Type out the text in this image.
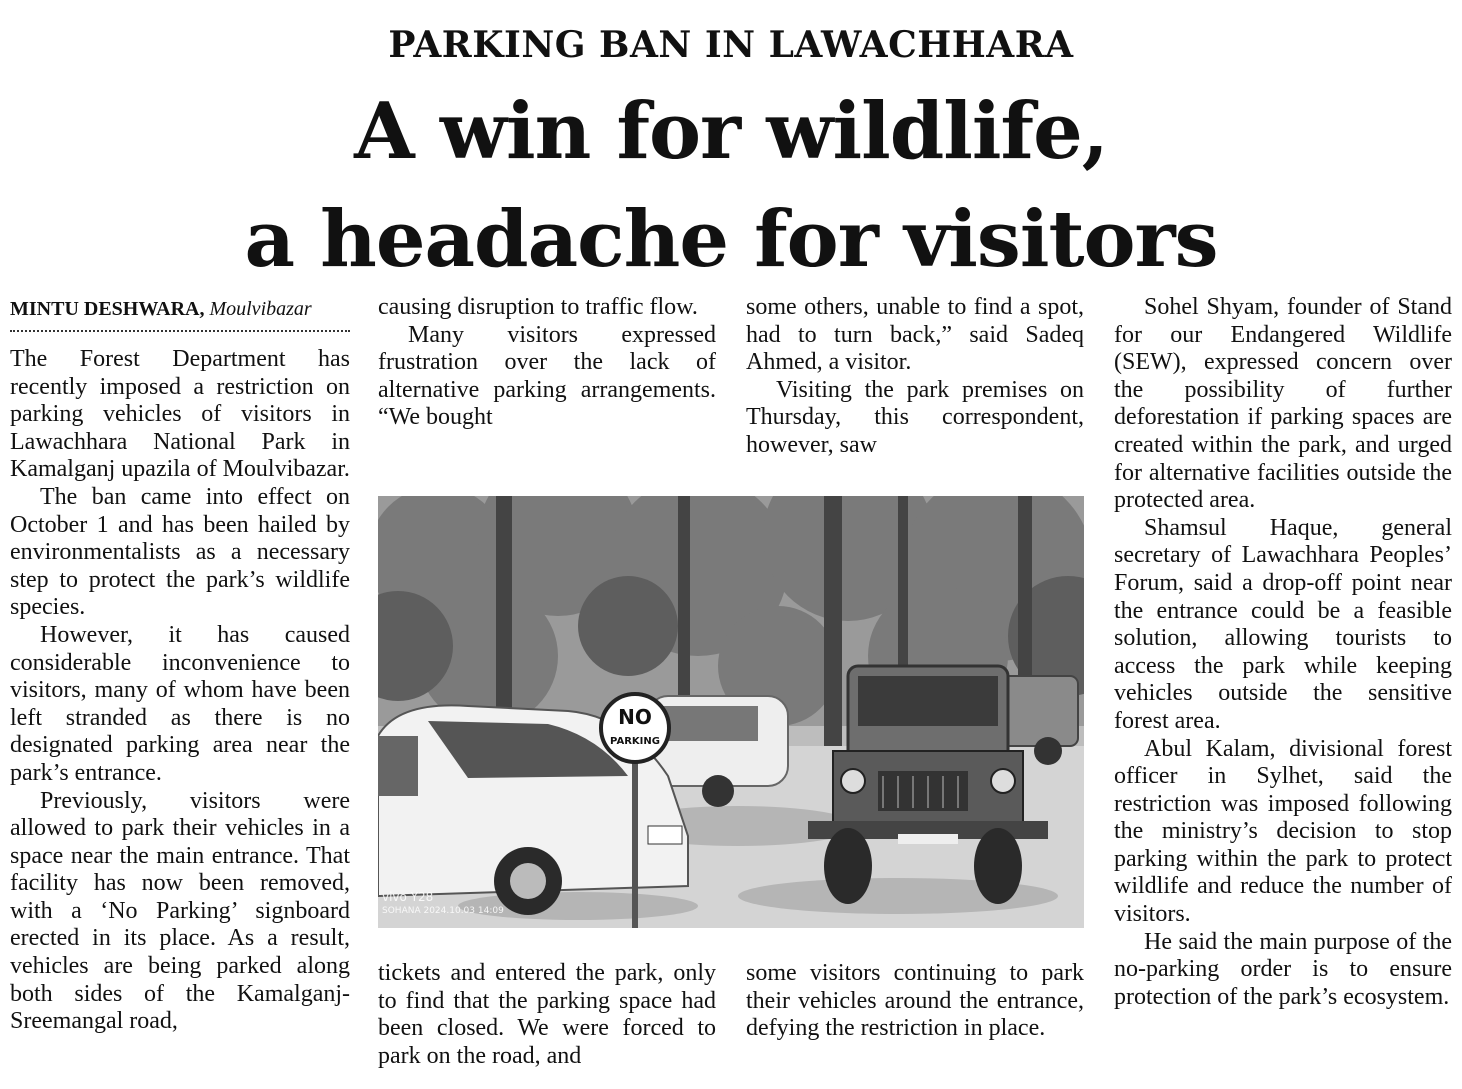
PARKING BAN IN LAWACHHARA
A win for wildlife,
a headache for visitors
MINTU DESHWARA, Moulvibazar

The Forest Department has recently imposed a restriction on parking vehicles of visitors in Lawachhara National Park in Kamalganj upazila of Moulvibazar.

The ban came into effect on October 1 and has been hailed by environmentalists as a necessary step to protect the park’s wildlife species.

However, it has caused considerable inconvenience to visitors, many of whom have been left stranded as there is no designated parking area near the park’s entrance.

Previously, visitors were allowed to park their vehicles in a space near the main entrance. That facility has now been removed, with a ‘No Parking’ signboard erected in its place. As a result, vehicles are being parked along both sides of the Kamalganj-Sreemangal road,

causing disruption to traffic flow.

Many visitors expressed frustration over the lack of alternative parking arrangements. “We bought

some others, unable to find a spot, had to turn back,” said Sadeq Ahmed, a visitor.

Visiting the park premises on Thursday, this correspondent, however, saw

NO
PARKING
vivo Y28
SOHANA 2024.10.03 14:09

tickets and entered the park, only to find that the parking space had been closed. We were forced to park on the road, and

some visitors continuing to park their vehicles around the entrance, defying the restriction in place.

Sohel Shyam, founder of Stand for our Endangered Wildlife (SEW), expressed concern over the possibility of further deforestation if parking spaces are created within the park, and urged for alternative facilities outside the protected area.

Shamsul Haque, general secretary of Lawachhara Peoples’ Forum, said a drop-off point near the entrance could be a feasible solution, allowing tourists to access the park while keeping vehicles outside the sensitive forest area.

Abul Kalam, divisional forest officer in Sylhet, said the restriction was imposed following the ministry’s decision to stop parking within the park to protect wildlife and reduce the number of visitors.

He said the main purpose of the no-parking order is to ensure protection of the park’s ecosystem.
